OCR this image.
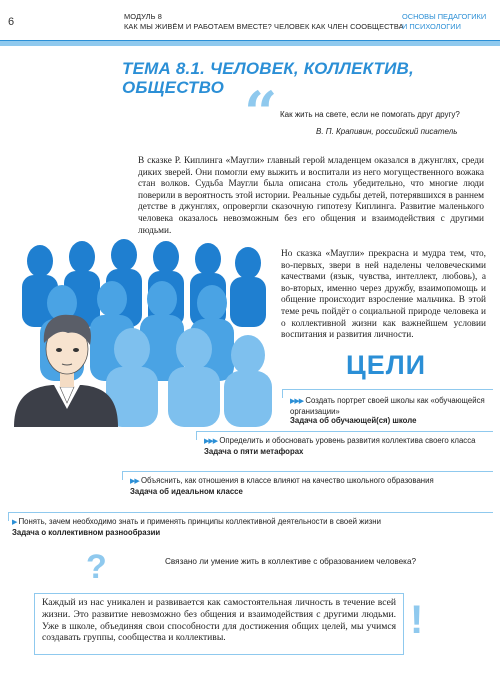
6	МОДУЛЬ 8
КАК МЫ ЖИВЁМ И РАБОТАЕМ ВМЕСТЕ? ЧЕЛОВЕК КАК ЧЛЕН СООБЩЕСТВА
ОСНОВЫ ПЕДАГОГИКИ
И ПСИХОЛОГИИ
ТЕМА 8.1. ЧЕЛОВЕК, КОЛЛЕКТИВ,
ОБЩЕСТВО “ Как жить на свете, если не помогать друг другу?
В. П. Крапивин, российский писатель
В сказке Р. Киплинга «Маугли» главный герой младенцем оказался в джунглях, среди диких зверей. Они помогли ему выжить и воспитали из него могущественного вожака стан волков. Судьба Маугли была описана столь убедительно, что многие люди поверили в вероятность этой истории. Реальные судьбы детей, потерявшихся в раннем детстве в джунглях, опровергли сказочную гипотезу Киплинга. Развитие маленького человека оказалось невозможным без его общения и взаимодействия с другими людьми.
Но сказка «Маугли» прекрасна и мудра тем, что, во-первых, звери в ней наделены человеческими качествами (язык, чувства, интеллект, любовь), а во-вторых, именно через дружбу, взаимопомощь и общение происходит взросление мальчика. В этой теме речь пойдёт о социальной природе человека и о коллективной жизни как важнейшем условии воспитания и развития личности.
ЦЕЛИ
▶▶▶ Создать портрет своей школы как «обучающейся организации»
Задача об обучающей(ся) школе
▶▶▶ Определить и обосновать уровень развития коллектива своего класса
Задача о пяти метафорах
▶▶ Объяснить, как отношения в классе влияют на качество школьного образования
Задача об идеальном классе
▶ Понять, зачем необходимо знать и применять принципы коллективной деятельности в своей жизни
Задача о коллективном разнообразии
?	Связано ли умение жить в коллективе с образованием человека?
Каждый из нас уникален и развивается как самостоятельная личность в течение всей жизни. Это развитие невозможно без общения и взаимодействия с другими людьми. Уже в школе, объединяя свои способности для достижения общих целей, мы учимся создавать группы, сообщества и коллективы.	!
